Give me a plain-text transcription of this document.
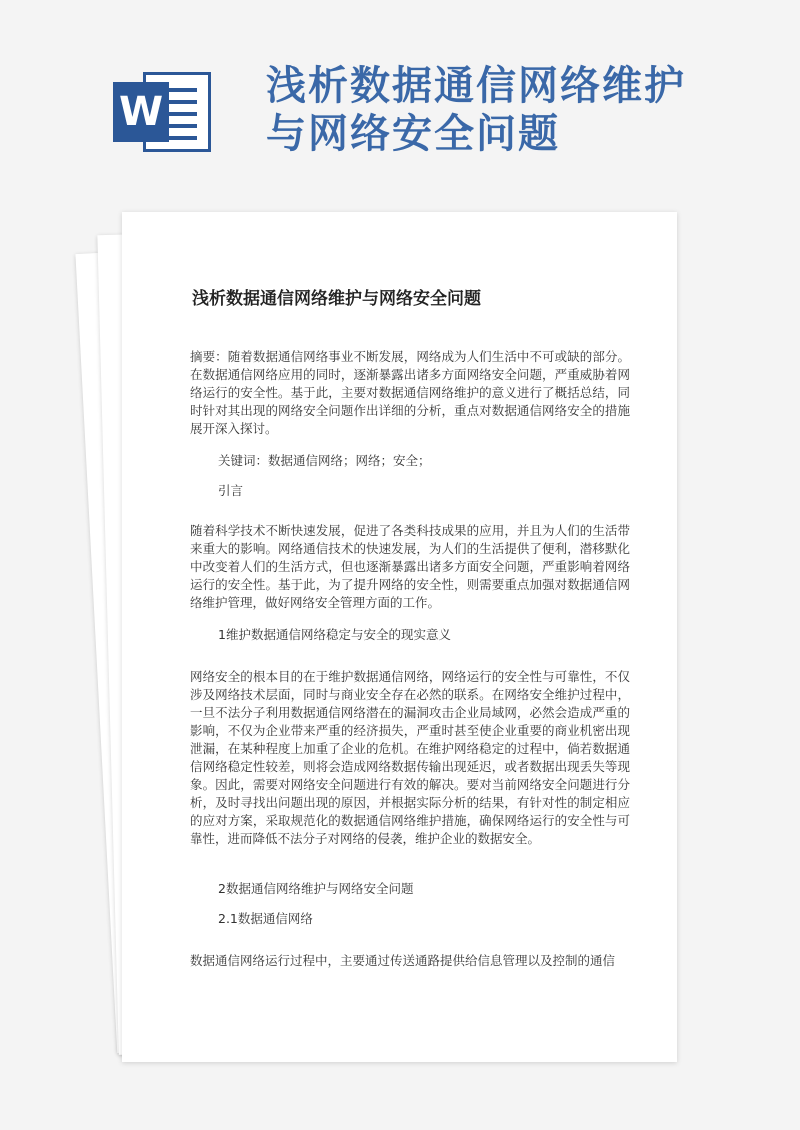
W
浅析数据通信网络维护
与网络安全问题
浅析数据通信网络维护与网络安全问题
摘要：随着数据通信网络事业不断发展，网络成为人们生活中不可或缺的部分。在数据通信网络应用的同时，逐渐暴露出诸多方面网络安全问题，严重威胁着网络运行的安全性。基于此，主要对数据通信网络维护的意义进行了概括总结，同时针对其出现的网络安全问题作出详细的分析，重点对数据通信网络安全的措施展开深入探讨。
关键词：数据通信网络；网络；安全；
引言
随着科学技术不断快速发展，促进了各类科技成果的应用，并且为人们的生活带来重大的影响。网络通信技术的快速发展，为人们的生活提供了便利，潜移默化中改变着人们的生活方式，但也逐渐暴露出诸多方面安全问题，严重影响着网络运行的安全性。基于此，为了提升网络的安全性，则需要重点加强对数据通信网络维护管理，做好网络安全管理方面的工作。
1维护数据通信网络稳定与安全的现实意义
网络安全的根本目的在于维护数据通信网络，网络运行的安全性与可靠性，不仅涉及网络技术层面，同时与商业安全存在必然的联系。在网络安全维护过程中，一旦不法分子利用数据通信网络潜在的漏洞攻击企业局域网，必然会造成严重的影响，不仅为企业带来严重的经济损失，严重时甚至使企业重要的商业机密出现泄漏，在某种程度上加重了企业的危机。在维护网络稳定的过程中，倘若数据通信网络稳定性较差，则将会造成网络数据传输出现延迟，或者数据出现丢失等现象。因此，需要对网络安全问题进行有效的解决。要对当前网络安全问题进行分析，及时寻找出问题出现的原因，并根据实际分析的结果，有针对性的制定相应的应对方案，采取规范化的数据通信网络维护措施，确保网络运行的安全性与可靠性，进而降低不法分子对网络的侵袭，维护企业的数据安全。
2数据通信网络维护与网络安全问题
2.1数据通信网络
数据通信网络运行过程中，主要通过传送通路提供给信息管理以及控制的通信
